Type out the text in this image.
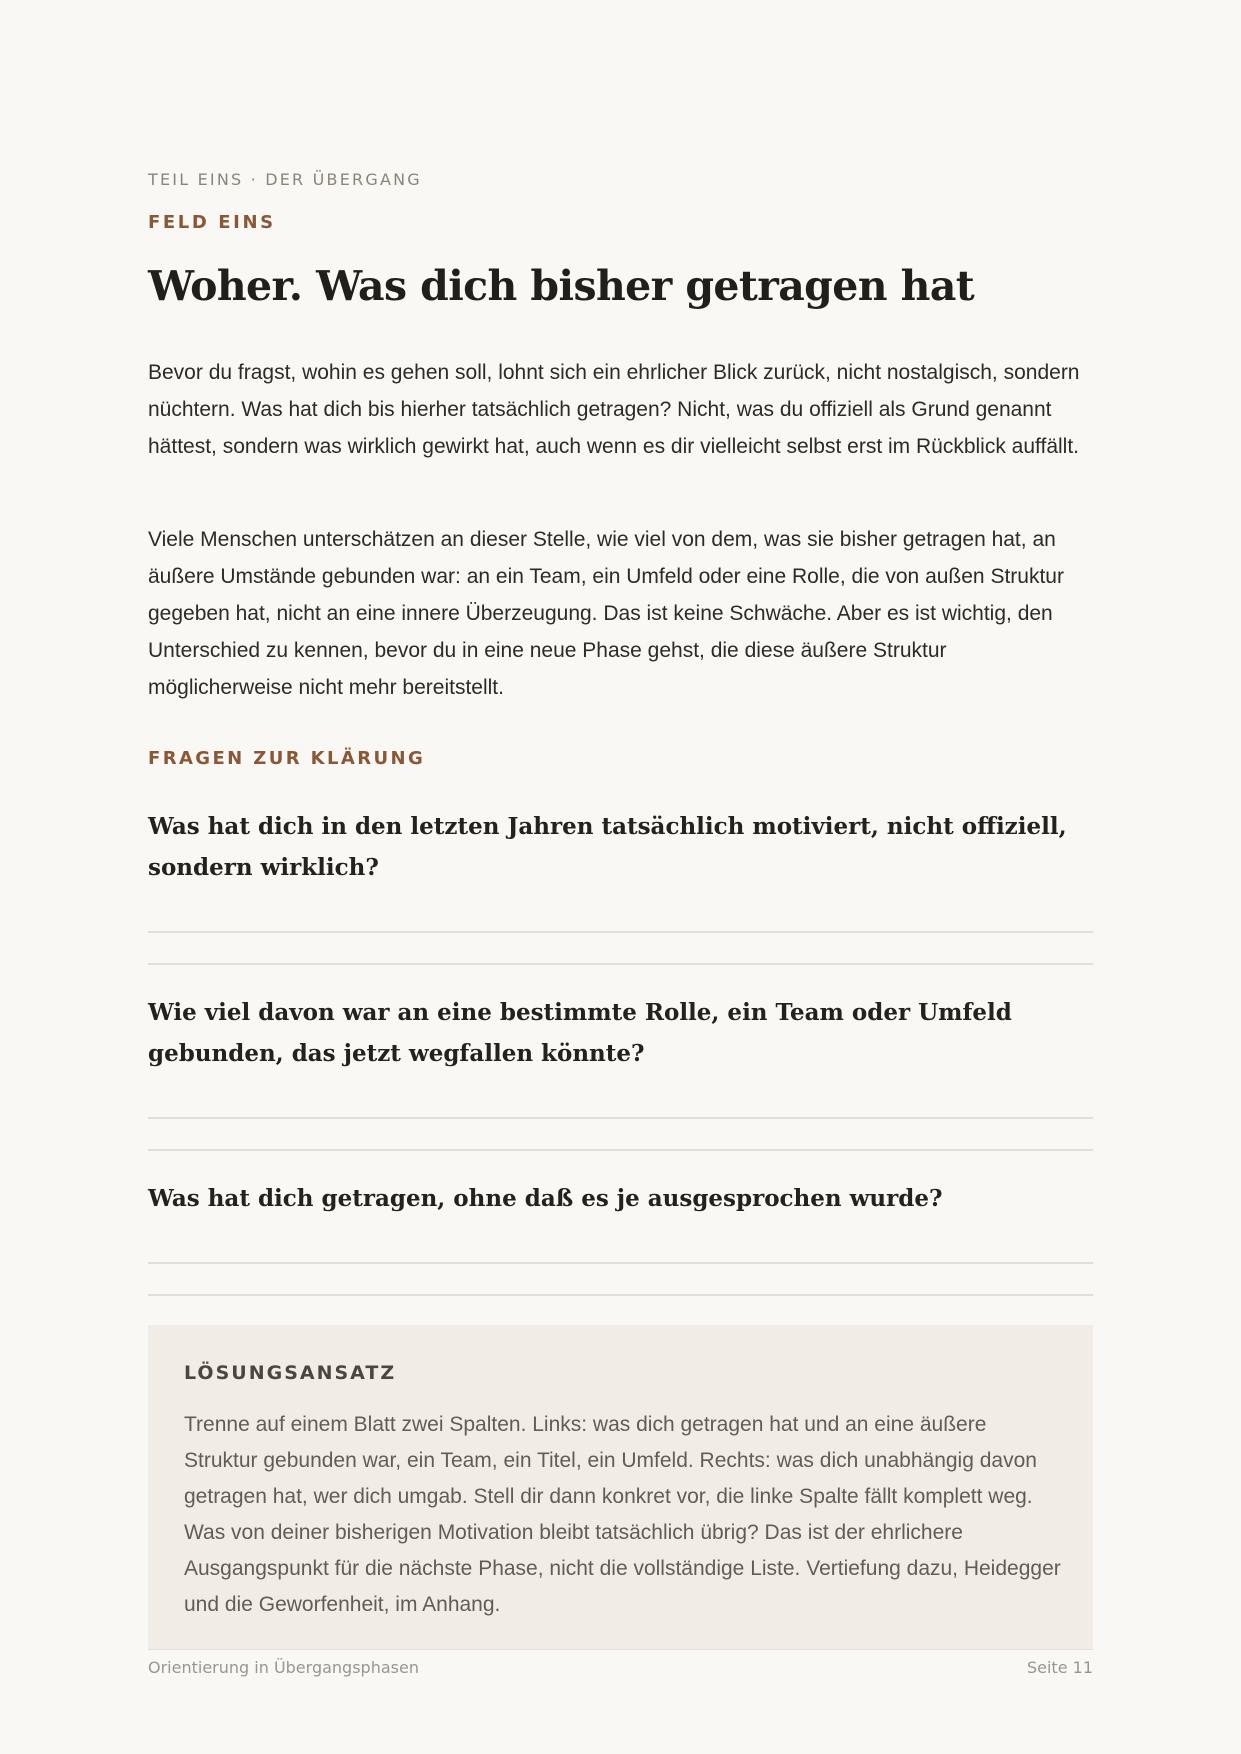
TEIL EINS · DER ÜBERGANG
FELD EINS
Woher. Was dich bisher getragen hat

Bevor du fragst, wohin es gehen soll, lohnt sich ein ehrlicher Blick zurück, nicht nostalgisch, sondern nüchtern. Was hat dich bis hierher tatsächlich getragen? Nicht, was du offiziell als Grund genannt hättest, sondern was wirklich gewirkt hat, auch wenn es dir vielleicht selbst erst im Rückblick auffällt.

Viele Menschen unterschätzen an dieser Stelle, wie viel von dem, was sie bisher getragen hat, an äußere Umstände gebunden war: an ein Team, ein Umfeld oder eine Rolle, die von außen Struktur gegeben hat, nicht an eine innere Überzeugung. Das ist keine Schwäche. Aber es ist wichtig, den Unterschied zu kennen, bevor du in eine neue Phase gehst, die diese äußere Struktur möglicherweise nicht mehr bereitstellt.

FRAGEN ZUR KLÄRUNG

Was hat dich in den letzten Jahren tatsächlich motiviert, nicht offiziell, sondern wirklich?

Wie viel davon war an eine bestimmte Rolle, ein Team oder Umfeld gebunden, das jetzt wegfallen könnte?

Was hat dich getragen, ohne daß es je ausgesprochen wurde?

LÖSUNGSANSATZ

Trenne auf einem Blatt zwei Spalten. Links: was dich getragen hat und an eine äußere Struktur gebunden war, ein Team, ein Titel, ein Umfeld. Rechts: was dich unabhängig davon getragen hat, wer dich umgab. Stell dir dann konkret vor, die linke Spalte fällt komplett weg. Was von deiner bisherigen Motivation bleibt tatsächlich übrig? Das ist der ehrlichere Ausgangspunkt für die nächste Phase, nicht die vollständige Liste. Vertiefung dazu, Heidegger und die Geworfenheit, im Anhang.

Orientierung in Übergangsphasen	Seite 11
